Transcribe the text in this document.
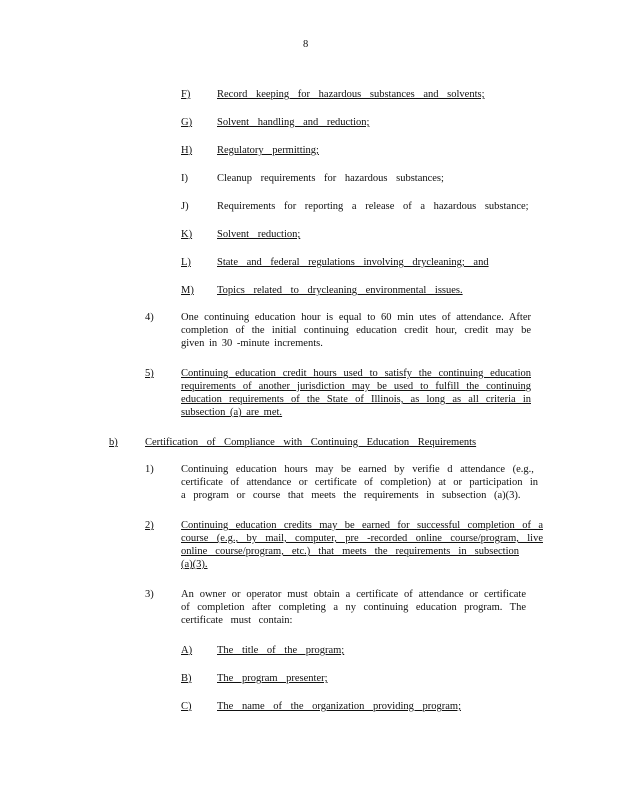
8
F)	Record keeping for hazardous substances and solvents;
G) Solvent handling and reduction;
H) Regulatory permitting;
I)	Cleanup requirements for hazardous substances;
J)	Requirements for reporting a release of a hazardous substance;
K) Solvent reduction;
L) State and federal regulations involving drycleaning; and
M) Topics related to drycleaning environmental issues.
4)	One continuing education hour is equal to 60 min utes of attendance. After
completion of the initial continuing education credit hour, credit may be
given in 30 -minute increments.
5)	Continuing education credit hours used to satisfy the continuing education
requirements of another jurisdiction may be used to fulfill the continuing
education requirements of the State of Illinois, as long as all criteria in
subsection (a) are met.
b)	Certification of Compliance with Continuing Education Requirements
1)	Continuing education hours may be earned by verifie d attendance (e.g.,
certificate of attendance or certificate of completion) at or participation in
a program or course that meets the requirements in subsection (a)(3).
2)	Continuing education credits may be earned for successful completion of a
course (e.g., by mail, computer, pre -recorded online course/program, live
online course/program, etc.) that meets the requirements in subsection
(a)(3).
3)	An owner or operator must obtain a certificate of attendance or certificate
of completion after completing a ny continuing education program. The
certificate must contain:
A) The title of the program;
B) The program presenter;
C) The name of the organization providing program;
